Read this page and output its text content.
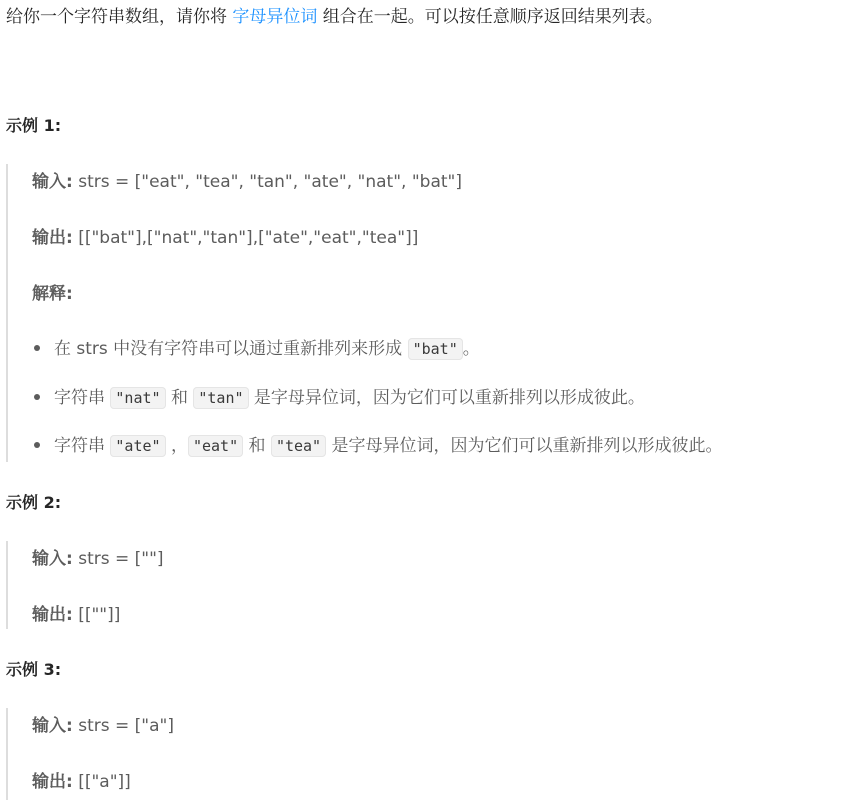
给你一个字符串数组，请你将 字母异位词 组合在一起。可以按任意顺序返回结果列表。
示例 1:
输入: strs = ["eat", "tea", "tan", "ate", "nat", "bat"]
输出: [["bat"],["nat","tan"],["ate","eat","tea"]]
解释:
在 strs 中没有字符串可以通过重新排列来形成 "bat" 。
字符串 "nat" 和 "tan" 是字母异位词，因为它们可以重新排列以形成彼此。
字符串 "ate" ， "eat" 和 "tea" 是字母异位词，因为它们可以重新排列以形成彼此。
示例 2:
输入: strs = [""]
输出: [[""]]
示例 3:
输入: strs = ["a"]
输出: [["a"]]
